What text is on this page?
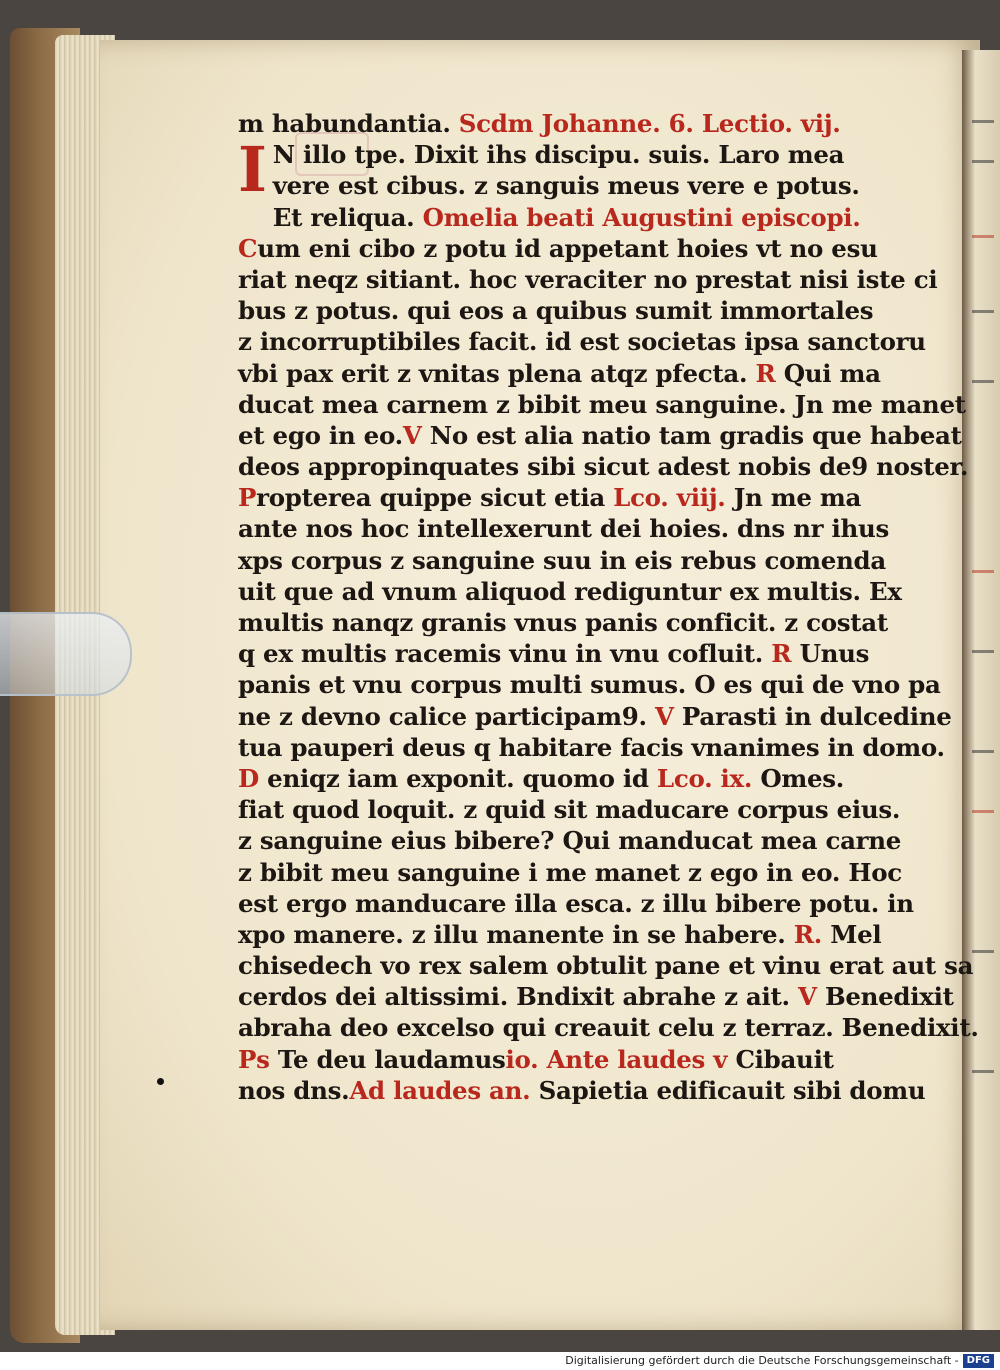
m habundantia. Scdm Johanne. 6. Lectio. vij.
I N illo tpe. Dixit ihs discipu. suis. Laro mea
vere est cibus. z sanguis meus vere e potus.
Et reliqua. Omelia beati Augustini episcopi.
Cum eni cibo z potu id appetant hoies vt no esu
riat neqz sitiant. hoc veraciter no prestat nisi iste ci
bus z potus. qui eos a quibus sumit immortales
z incorruptibiles facit. id est societas ipsa sanctoru
vbi pax erit z vnitas plena atqz pfecta. R Qui ma
ducat mea carnem z bibit meu sanguine. Jn me manet
et ego in eo.V No est alia natio tam gradis que habeat
deos appropinquates sibi sicut adest nobis de9 noster.
Propterea quippe sicut etia Lco. viij. Jn me ma
ante nos hoc intellexerunt dei hoies. dns nr ihus
xps corpus z sanguine suu in eis rebus comenda
uit que ad vnum aliquod rediguntur ex multis. Ex
multis nanqz granis vnus panis conficit. z costat
q ex multis racemis vinu in vnu cofluit. R Unus
panis et vnu corpus multi sumus. O es qui de vno pa
ne z devno calice participam9. V Parasti in dulcedine
tua pauperi deus q habitare facis vnanimes in domo.
D eniqz iam exponit. quomo id Lco. ix. Omes.
fiat quod loquit. z quid sit maducare corpus eius.
z sanguine eius bibere? Qui manducat mea carne
z bibit meu sanguine i me manet z ego in eo. Hoc
est ergo manducare illa esca. z illu bibere potu. in
xpo manere. z illu manente in se habere. R. Mel
chisedech vo rex salem obtulit pane et vinu erat aut sa
cerdos dei altissimi. Bndixit abrahe z ait. V Benedixit
abraha deo excelso qui creauit celu z terraz. Benedixit.
Ps Te deu laudamusio. Ante laudes v Cibauit
nos dns.Ad laudes an. Sapietia edificauit sibi domu
Digitalisierung gefördert durch die Deutsche Forschungsgemeinschaft - DFG
